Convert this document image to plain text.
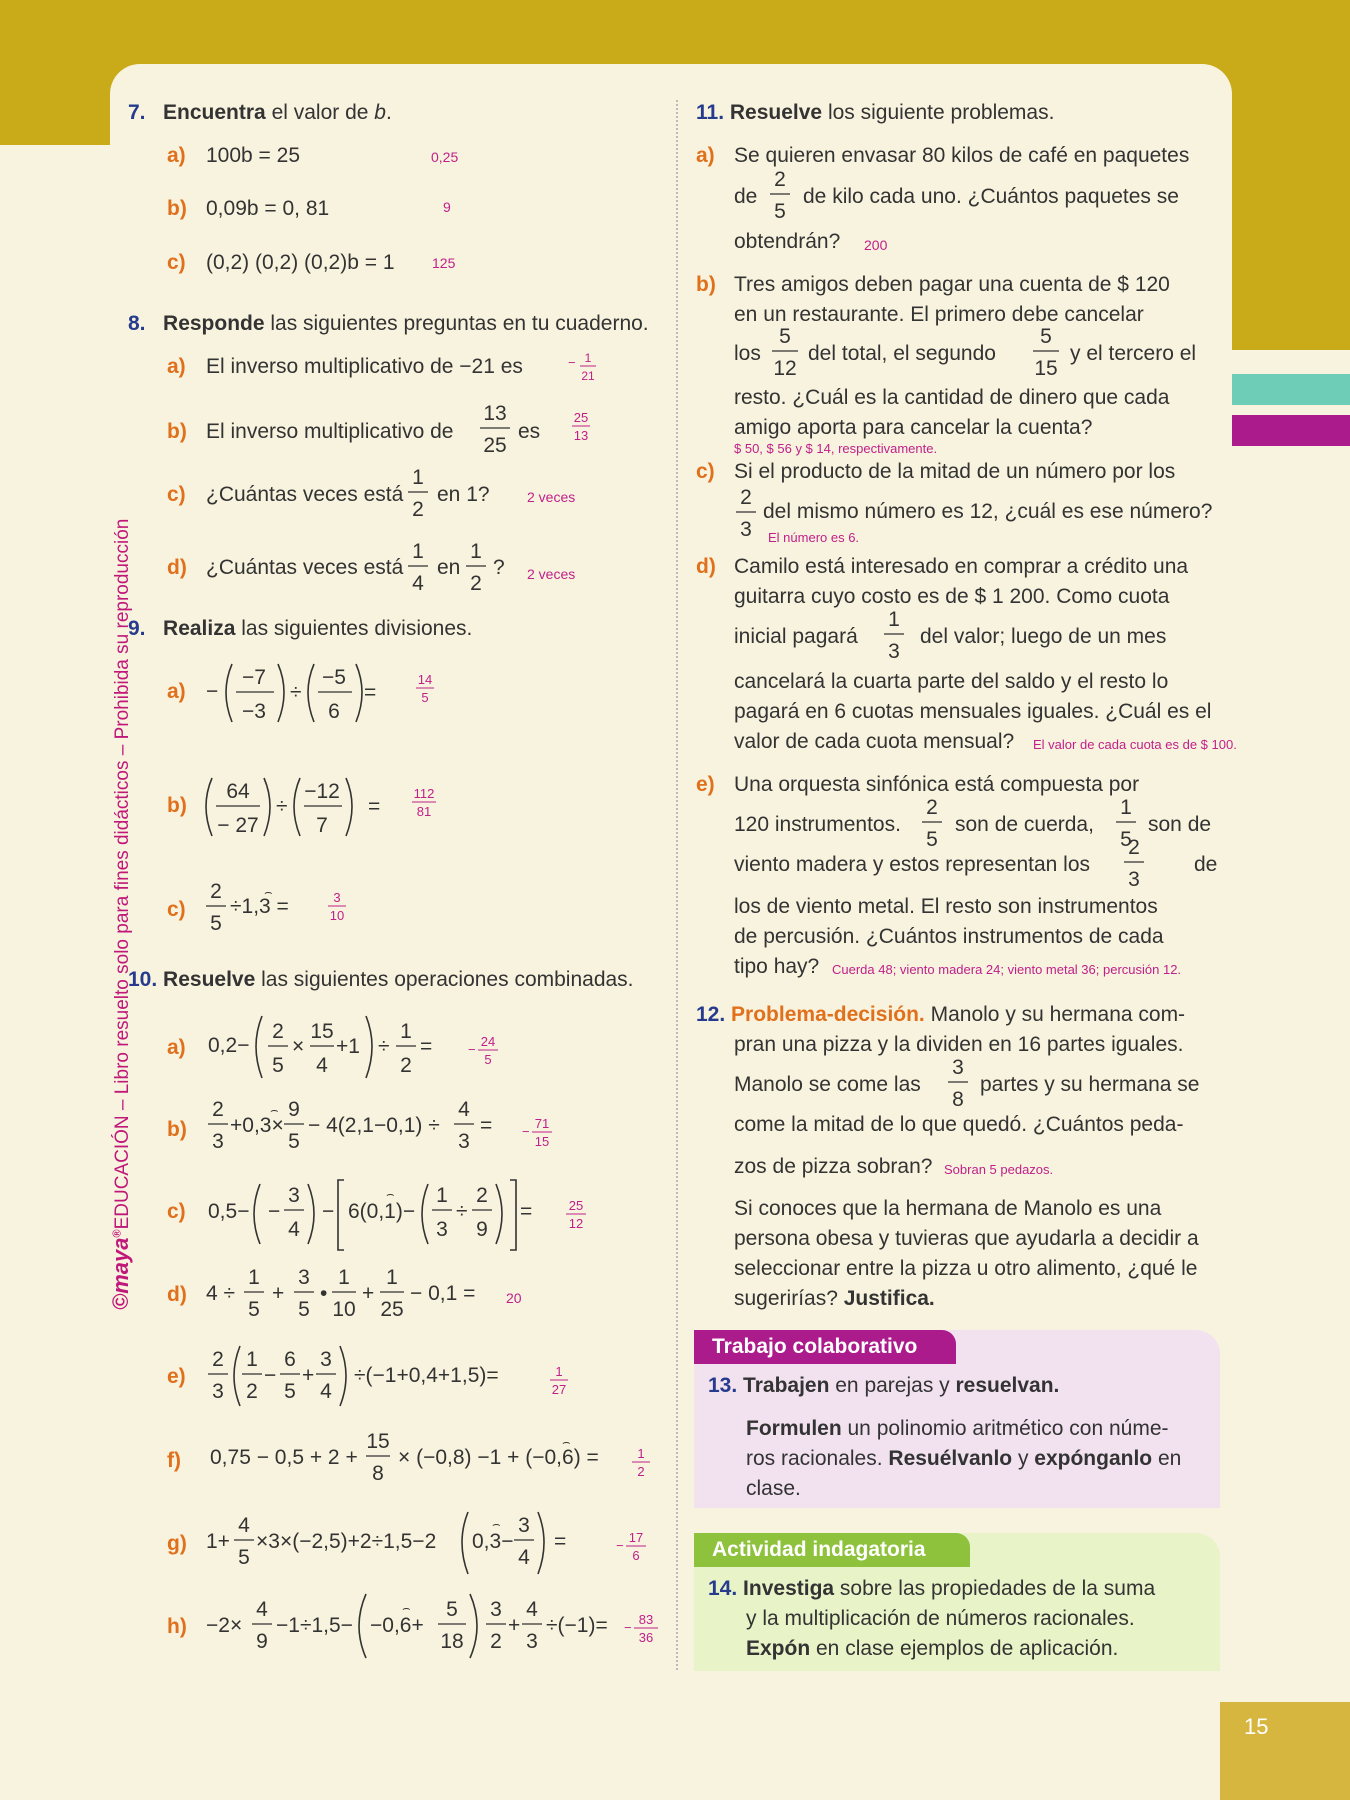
15
©maya®EDUCACIÓN – Libro resuelto solo para fines didácticos – Prohibida su reproducción
7. Encuentra el valor de b.
a) 100b = 25	0,25
b) 0,09b = 0, 81	9
c) (0,2) (0,2) (0,2)b = 1	125
8. Responde las siguientes preguntas en tu cuaderno.
a) El inverso multiplicativo de −21 es	− 1
21
b) El inverso multiplicativo de
13
25
es
25
13
c) ¿Cuántas veces está
1
2
en 1?	2 veces
d) ¿Cuántas veces está
1
4
en
1
2
? 2 veces
9. Realiza las siguientes divisiones.
a) −
−7
−3
÷
−5
6
=
14
5
b)
64
− 27
÷
−12
7
=
112
81
c)
2
5
÷1,3 =
⌢	3
10
10. Resuelve las siguientes operaciones combinadas.
a) 0,2−
2
5
×
15
4
+1 ÷
1
2
=	−
24
5
b)
2
3
+0,3×
⌢ 9
5
− 4(2,1−0,1) ÷
4
3
= −
71
15
c) 0,5− −
3
4
− 6(0,1)−
⌢ 1
3
÷
2
9
=	25
12
d) 4 ÷
1
5
+
3
5
•
1
10
+
1
25
− 0,1 = 20
e)
2
3
1
2
−
6
5
+
3
4
÷(−1+0,4+1,5)=	1
27
f) 0,75 − 0,5 + 2 +
15
8
× (−0,8) −1 + (−0,6) =
⌢
1
2
g) 1+
4
5
×3×(−2,5)+2÷1,5−2 0,3−
⌢ 3
4
=	−
17
6
h) −2×
4
9
−1÷1,5− −0,6+
⌢ 5
18
3
2
+
4
3
÷(−1)= −
83
36
11. Resuelve los siguiente problemas.
a) Se quieren envasar 80 kilos de café en paquetes
de
2
5
de kilo cada uno. ¿Cuántos paquetes se
obtendrán? 200
b) Tres amigos deben pagar una cuenta de $ 120
en un restaurante. El primero debe cancelar
los
5
12
del total, el segundo
5
15
y el tercero el
resto. ¿Cuál es la cantidad de dinero que cada
amigo aporta para cancelar la cuenta?
$ 50, $ 56 y $ 14, respectivamente.
c) Si el producto de la mitad de un número por los
2
3
del mismo número es 12, ¿cuál es ese número?
El número es 6.
d) Camilo está interesado en comprar a crédito una
guitarra cuyo costo es de $ 1 200. Como cuota
inicial pagará
1
3
del valor; luego de un mes
cancelará la cuarta parte del saldo y el resto lo
pagará en 6 cuotas mensuales iguales. ¿Cuál es el
valor de cada cuota mensual? El valor de cada cuota es de $ 100.
e) Una orquesta sinfónica está compuesta por
120 instrumentos.
2
5
son de cuerda,
1
5
son de
viento madera y estos representan los
2
3
de
los de viento metal. El resto son instrumentos
de percusión. ¿Cuántos instrumentos de cada
tipo hay? Cuerda 48; viento madera 24; viento metal 36; percusión 12.
12. Problema-decisión. Manolo y su hermana com-
pran una pizza y la dividen en 16 partes iguales.
Manolo se come las
3
8
partes y su hermana se
come la mitad de lo que quedó. ¿Cuántos peda-
zos de pizza sobran? Sobran 5 pedazos.
Si conoces que la hermana de Manolo es una
persona obesa y tuvieras que ayudarla a decidir a
seleccionar entre la pizza u otro alimento, ¿qué le
sugerirías? Justifica.
Trabajo colaborativo
13. Trabajen en parejas y resuelvan.
Formulen un polinomio aritmético con núme-
ros racionales. Resuélvanlo y expónganlo en
clase.
Actividad indagatoria
14. Investiga sobre las propiedades de la suma
y la multiplicación de números racionales.
Expón en clase ejemplos de aplicación.
